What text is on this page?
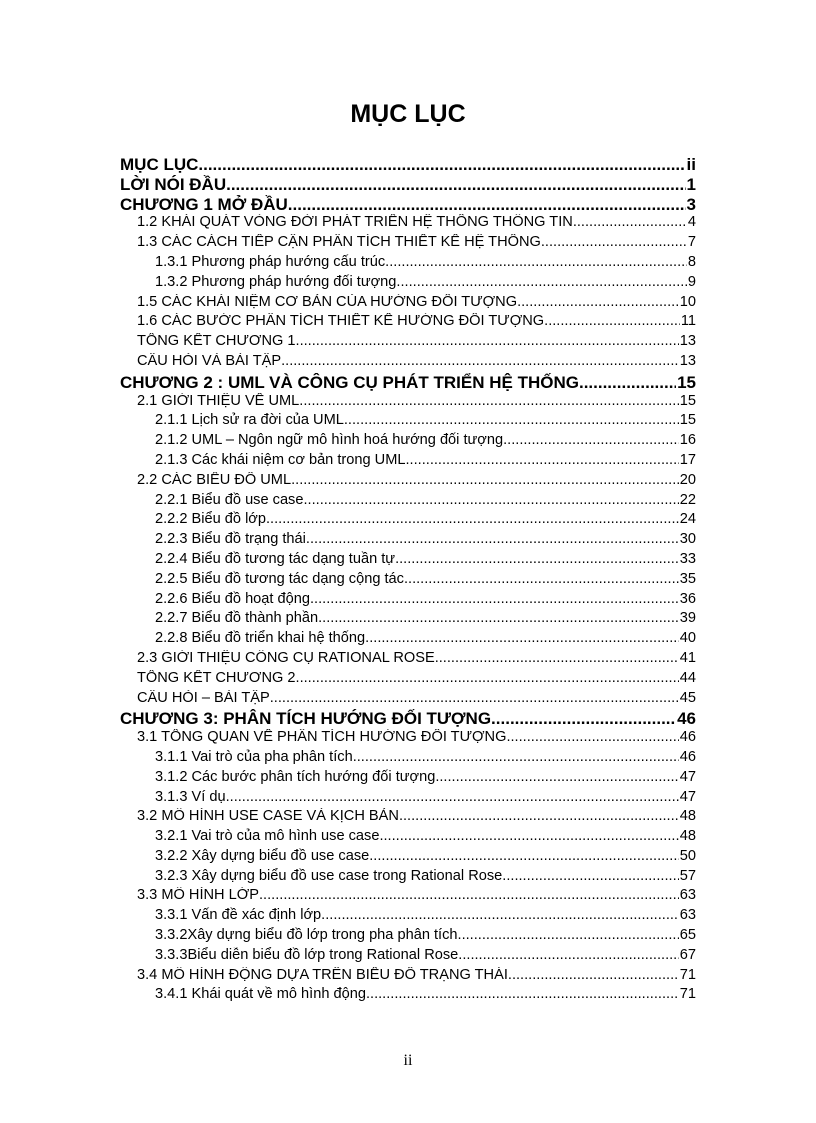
MỤC LỤC
MỤC LỤC .....	ii
LỜI NÓI ĐẦU .....	1
CHƯƠNG 1 MỞ ĐẦU .....	3
1.2 KHÁI QUÁT VÒNG ĐỜI PHÁT TRIỂN HỆ THỐNG THÔNG TIN .....	4
1.3 CÁC CÁCH TIẾP CẬN PHÂN TÍCH THIẾT KẾ HỆ THỐNG .....	7
1.3.1 Phương pháp hướng cấu trúc .....	8
1.3.2 Phương pháp hướng đối tượng .....	9
1.5 CÁC KHÁI NIỆM CƠ BẢN CỦA HƯỚNG ĐỐI TƯỢNG .....	10
1.6 CÁC BƯỚC PHÂN TÍCH THIẾT KẾ HƯỚNG ĐỐI TƯỢNG .....	11
TỔNG KẾT CHƯƠNG 1 .....	13
CÂU HỎI VÀ BÀI TẬP .....	13
CHƯƠNG 2 : UML VÀ CÔNG CỤ PHÁT TRIỂN HỆ THỐNG .....	15
2.1 GIỚI THIỆU VỀ UML .....	15
2.1.1 Lịch sử ra đời của UML .....	15
2.1.2 UML – Ngôn ngữ mô hình hoá hướng đối tượng .....	16
2.1.3 Các khái niệm cơ bản trong UML .....	17
2.2 CÁC BIỂU ĐỒ UML .....	20
2.2.1 Biểu đồ use case .....	22
2.2.2 Biểu đồ lớp .....	24
2.2.3 Biểu đồ trạng thái .....	30
2.2.4 Biểu đồ tương tác dạng tuần tự .....	33
2.2.5 Biểu đồ tương tác dạng cộng tác .....	35
2.2.6 Biểu đồ hoạt động .....	36
2.2.7 Biểu đồ thành phần .....	39
2.2.8 Biểu đồ triển khai hệ thống .....	40
2.3 GIỚI THIỆU CÔNG CỤ RATIONAL ROSE .....	41
TỔNG KẾT CHƯƠNG 2 .....	44
CÂU HỎI – BÀI TẬP .....	45
CHƯƠNG 3: PHÂN TÍCH HƯỚNG ĐỐI TƯỢNG .....	46
3.1 TỔNG QUAN VỀ PHÂN TÍCH HƯỚNG ĐỐI TƯỢNG .....	46
3.1.1 Vai trò của pha phân tích .....	46
3.1.2 Các bước phân tích hướng đối tượng .....	47
3.1.3 Ví dụ .....	47
3.2 MÔ HÌNH USE CASE VÀ KỊCH BẢN .....	48
3.2.1 Vai trò của mô hình use case .....	48
3.2.2 Xây dựng biểu đồ use case .....	50
3.2.3 Xây dựng biểu đồ use case trong Rational Rose .....	57
3.3 MÔ HÌNH LỚP .....	63
3.3.1 Vấn đề xác định lớp .....	63
3.3.2Xây dựng biểu đồ lớp trong pha phân tích .....	65
3.3.3Biểu diễn biểu đồ lớp trong Rational Rose .....	67
3.4 MÔ HÌNH ĐỘNG DỰA TRÊN BIỂU ĐỒ TRẠNG THÁI .....	71
3.4.1 Khái quát về mô hình động .....	71
ii
